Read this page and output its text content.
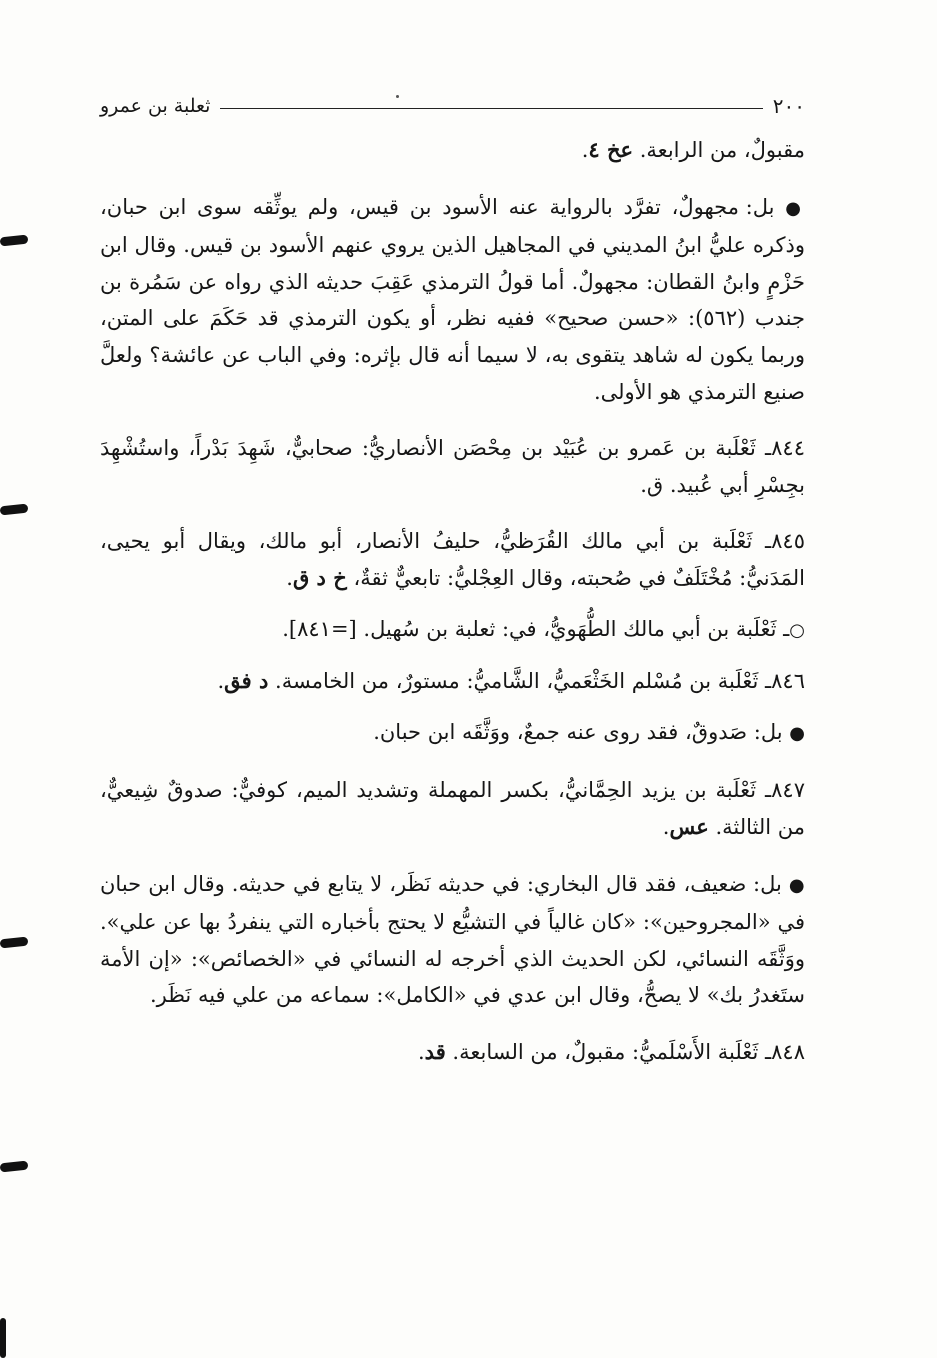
٢٠٠
ثعلبة بن عمرو

مقبولٌ، من الرابعة. عخ ٤.

● بل: مجهولٌ، تفرَّد بالرواية عنه الأسود بن قيس، ولم يوثِّقه سوى ابن حبان، وذكره عليُّ ابنُ المديني في المجاهيل الذين يروي عنهم الأسود بن قيس. وقال ابن حَزْمٍ وابنُ القطان: مجهولٌ. أما قولُ الترمذي عَقِبَ حديثه الذي رواه عن سَمُرة بن جندب (٥٦٢): «حسن صحيح» ففيه نظر، أو يكون الترمذي قد حَكَمَ على المتن، وربما يكون له شاهد يتقوى به، لا سيما أنه قال بإثره: وفي الباب عن عائشة؟ ولعلَّ صنيع الترمذي هو الأولى.

٨٤٤ـ ثَعْلَبة بن عَمرو بن عُبَيْد بن مِحْصَن الأنصاريُّ: صحابيٌّ، شَهِدَ بَدْراً، واستُشْهِدَ بجِسْرِ أبي عُبيد. ق.

٨٤٥ـ ثَعْلَبة بن أبي مالك القُرَظيُّ، حليفُ الأنصار، أبو مالك، ويقال أبو يحيى، المَدَنيُّ: مُخْتَلَفٌ في صُحبته، وقال العِجْليُّ: تابعيٌّ ثقةٌ، خ د ق.

○ـ ثَعْلَبة بن أبي مالك الطُّهَويُّ، في: ثعلبة بن سُهيل. [=٨٤١].

٨٤٦ـ ثَعْلَبة بن مُسْلم الخَثْعَميُّ، الشَّاميُّ: مستورٌ، من الخامسة. د فق.

● بل: صَدوقٌ، فقد روى عنه جمعٌ، ووَثَّقَه ابن حبان.

٨٤٧ـ ثَعْلَبة بن يزيد الحِمَّانيُّ، بكسر المهملة وتشديد الميم، كوفيٌّ: صدوقٌ شِيعيٌّ، من الثالثة. عس.

● بل: ضعيف، فقد قال البخاري: في حديثه نَظَر، لا يتابع في حديثه. وقال ابن حبان في «المجروحين»: «كان غالياً في التشيُّع لا يحتج بأخباره التي ينفردُ بها عن علي». ووَثَّقَه النسائي، لكن الحديث الذي أخرجه له النسائي في «الخصائص»: «إن الأمة ستَغدرُ بك» لا يصحُّ، وقال ابن عدي في «الكامل»: سماعه من علي فيه نَظَر.

٨٤٨ـ ثَعْلَبة الأَسْلَميُّ: مقبولٌ، من السابعة. قد.
